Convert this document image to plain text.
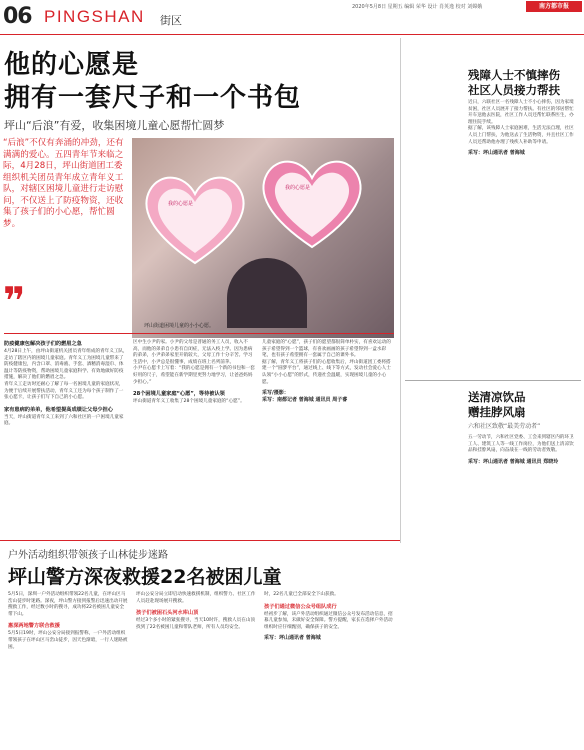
06 PINGSHAN 街区
2020年5月8日 星期五 编辑 荣华 设计 肖英逸 校对 刘嫦娥	南方都市报
他的心愿是
拥有一套尺子和一个书包
坪山“后浪”有爱，收集困境儿童心愿帮忙圆梦
“后浪”不仅有奔涌的冲劲，还有满满的爱心。五四青年节来临之际，4月28日，坪山街道团工委组织机关团员青年成立青年义工队，对辖区困境儿童进行走访慰问，不仅送上了防疫物资，还收集了孩子们的小心愿，帮忙圆梦。
❞
我的心愿是
我的心愿是
坪山街道困境儿童的小小心愿。
防疫健康包解决孩子们的燃眉之急
4月28日上午，由坪山街道机关团员青年组成的青年义工队，走访了辖区内的困境儿童家庭。青年义工为困境儿童带来了防疫健康包，内含口罩、消毒液、手套、酒精消毒湿巾、体温计等防疫物资，帮助困境儿童家庭科学、有效地做好防疫措施，解决了他们的燃眉之急。
青年义工走访时还耐心了解了每一名困境儿童的家庭状况，为便于后续开展帮扶活动，青年义工还为每个孩子制作了一张心愿卡，让孩子们写下自己的小心愿。
家有患病的弟弟，他希望提高成绩让父母少担心
当天，坪山街道青年义工来到了六和社区的一户困境儿童家庭。
区中生小尹的家。小尹的父母是普通的务工人员，收入不高，而他的弟弟自小患有自闭症，无法入校上学。因为患病的弟弟，小尹弟弟家里开销较大，父母工作十分辛苦。学习生活中，小尹总是很懂事，成绩在班上名列前茅。
小尹在心愿卡上写着：“我的心愿是拥有一个新的书包和一套好用的尺子，希望能在新学期里更努力地学习，让爸爸妈妈少担心。”
28个困境儿童家庭“心愿”，等待被认领
坪山街道青年义工收集了28个困境儿童家庭的“心愿”。
儿童家庭的“心愿”，孩子们的愿望都很简单朴实，有喜欢运动的孩子希望得到一个篮球，有喜欢画画的孩子希望得到一盒水彩笔，也有孩子希望拥有一套属于自己的课外书。
据了解，青年义工将孩子们的心愿收集后，坪山街道团工委将搭建一个“圆梦平台”，通过线上、线下等方式，发动社会爱心人士认领“小小心愿”的形式，传递社会温暖，实现困境儿童的小心愿。
采写/摄影：
采写：南都记者 曾海城 通讯员 周子睿
残障人士不慎摔伤
社区人员接力帮扶
近日，六联社区一名残障人士不小心摔伤，因为家境贫困，社区人员展开了接力帮扶。有社区的邻居帮忙开车送他去医院，社区工作人员还帮忙联系医生，办理住院手续。
据了解，该残障人士家庭困难，生活无法自理，社区人员上门帮扶，为他送去了生活物资，并且社区工作人员还帮助他办理了残疾人补助等申请。
采写：坪山通讯者 曾海城
送清凉饮品
赠挂脖风扇
六和社区致敬“最美劳动者”
五一劳动节，六和社区党委、工会来到辖区内的环卫工人、建筑工人等一线工作岗位，为他们送上清凉饮品和挂脖风扇，向奋战在一线的劳动者致敬。
采写：坪山通讯者 曾海城 通讯员 郑晓玲
户外活动组织带领孩子山林徒步迷路
坪山警方深夜救援22名被困儿童
5月5日，深圳一户外活动组织带领22名儿童，在坪山区马峦山徒步时迷路。深夜，坪山警方接到报警后迅速出动开展搜救工作，经过数小时的搜寻，成功将22名被困儿童安全带下山。
惠深两地警方联合救援
5月5日19时，坪山公安分局接到报警称，一户外活动组织带领孩子在坪山区马峦山徒步，因天色渐暗，一行人迷路被困。
坪山公安分局立即启动快速救援机制，组织警力、社区工作人员赶赴现场展开搜救。
孩子们被困石头河水库山顶
经过3个多小时的紧张搜寻，当天10时许，搜救人员在山顶找到了22名被困儿童和带队老师，所有人员均安全。
时，22名儿童已全部安全下山获救。
孩子们通过微信公众号组队成行
经初步了解，该户外活动组织通过微信公众号发布活动信息，招募儿童参加，未做好安全保障。警方提醒，家长在选择户外活动组织时应仔细甄别，确保孩子的安全。
采写：坪山通讯者 曾海城
